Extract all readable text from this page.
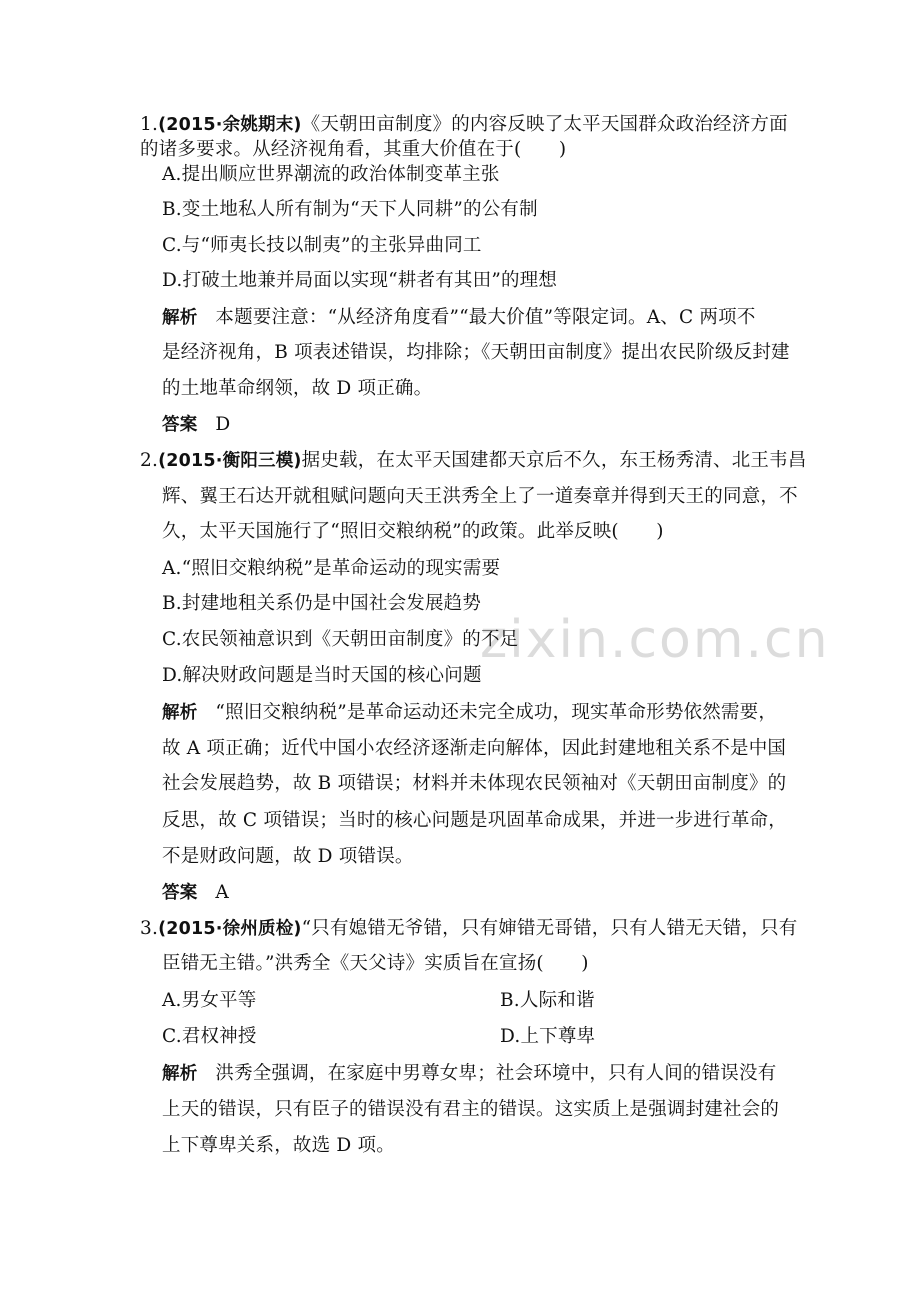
zixin.com.cn
1.(2015·余姚期末)《天朝田亩制度》的内容反映了太平天国群众政治经济方面
的诸多要求。从经济视角看，其重大价值在于(　　)
A.提出顺应世界潮流的政治体制变革主张
B.变土地私人所有制为“天下人同耕”的公有制
C.与“师夷长技以制夷”的主张异曲同工
D.打破土地兼并局面以实现“耕者有其田”的理想
解析 本题要注意：“从经济角度看”“最大价值”等限定词。A、C 两项不
是经济视角，B 项表述错误，均排除；《天朝田亩制度》提出农民阶级反封建
的土地革命纲领，故 D 项正确。
答案 D
2.(2015·衡阳三模)据史载，在太平天国建都天京后不久，东王杨秀清、北王韦昌
辉、翼王石达开就租赋问题向天王洪秀全上了一道奏章并得到天王的同意，不
久，太平天国施行了“照旧交粮纳税”的政策。此举反映(　　)
A.“照旧交粮纳税”是革命运动的现实需要
B.封建地租关系仍是中国社会发展趋势
C.农民领袖意识到《天朝田亩制度》的不足
D.解决财政问题是当时天国的核心问题
解析 “照旧交粮纳税”是革命运动还未完全成功，现实革命形势依然需要，
故 A 项正确；近代中国小农经济逐渐走向解体，因此封建地租关系不是中国
社会发展趋势，故 B 项错误；材料并未体现农民领袖对《天朝田亩制度》的
反思，故 C 项错误；当时的核心问题是巩固革命成果，并进一步进行革命，
不是财政问题，故 D 项错误。
答案 A
3.(2015·徐州质检)“只有媳错无爷错，只有婶错无哥错，只有人错无天错，只有
臣错无主错。”洪秀全《天父诗》实质旨在宣扬(　　)
A.男女平等	B.人际和谐
C.君权神授	D.上下尊卑
解析 洪秀全强调，在家庭中男尊女卑；社会环境中，只有人间的错误没有
上天的错误，只有臣子的错误没有君主的错误。这实质上是强调封建社会的
上下尊卑关系，故选 D 项。
